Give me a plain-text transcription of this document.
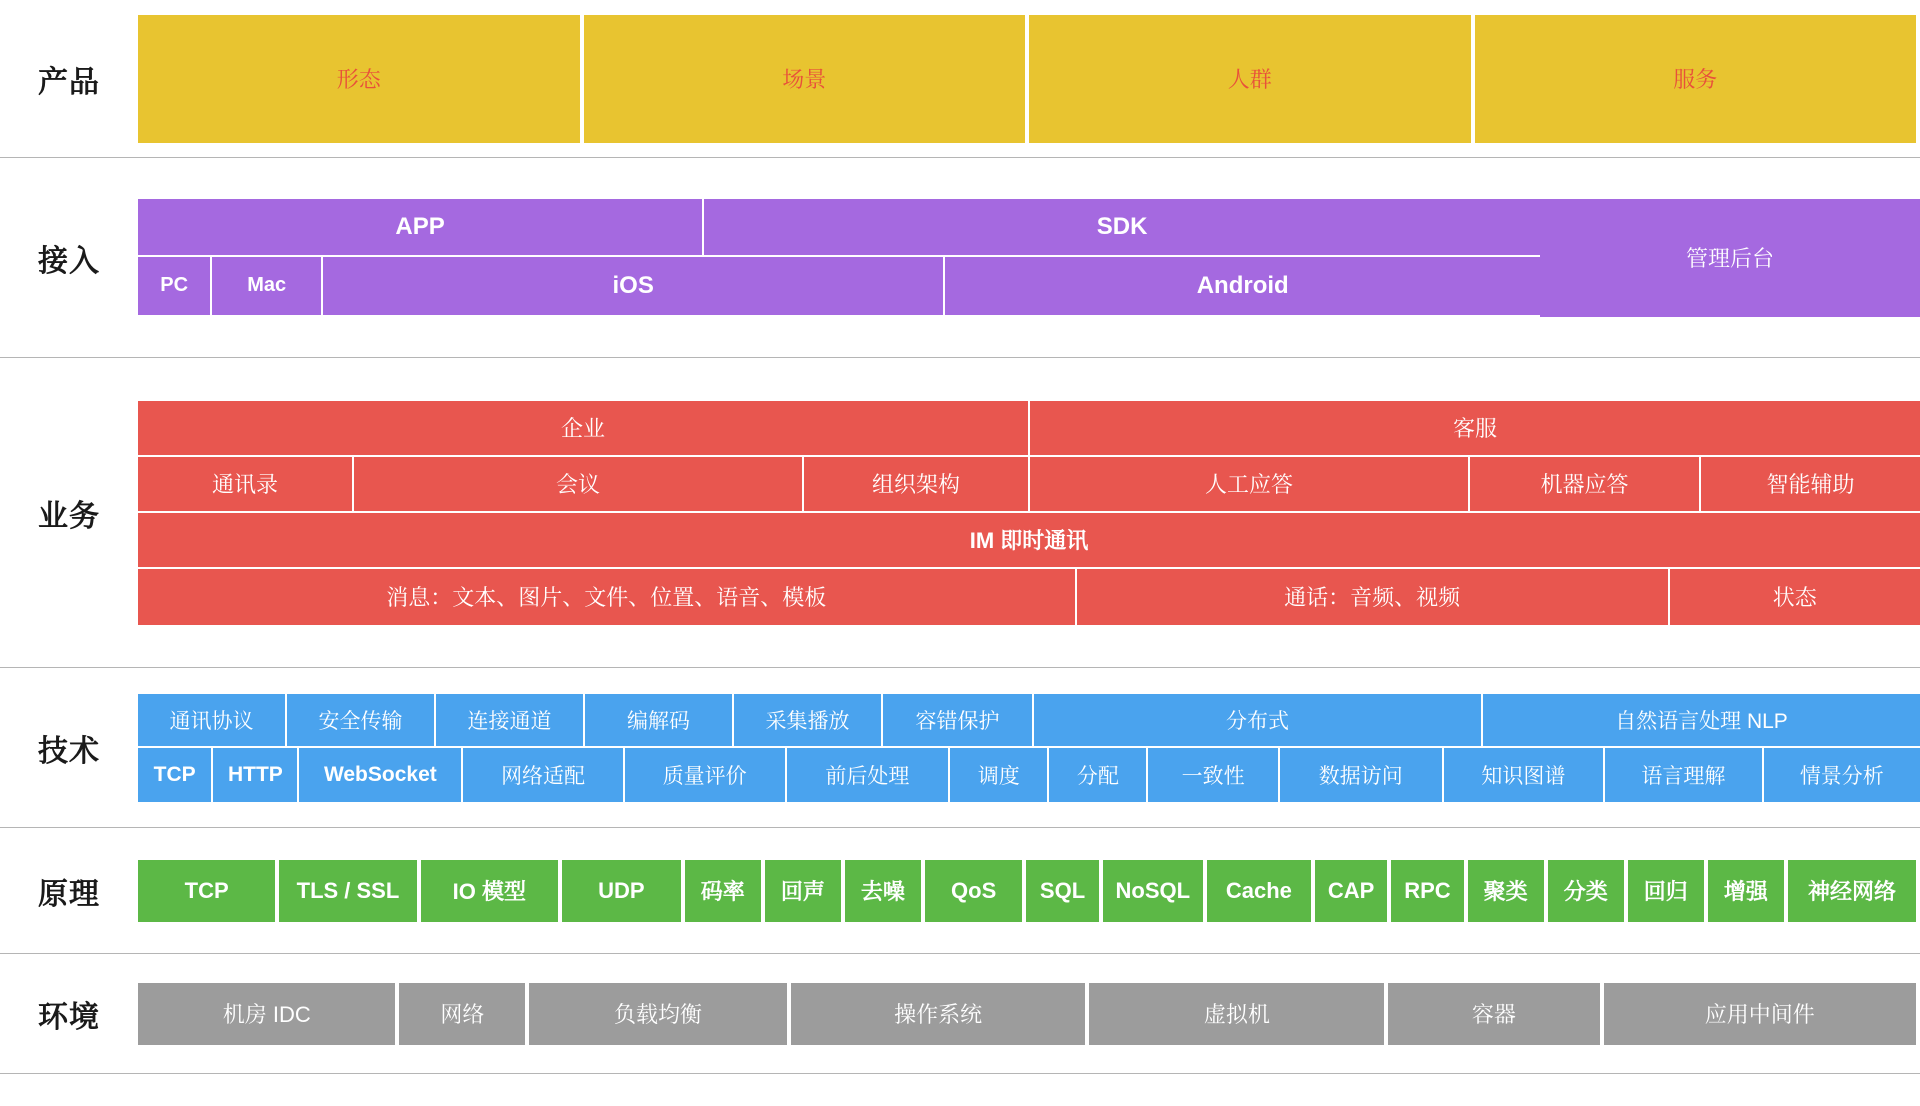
产品	形态	场景	人群	服务
接入
APP	SDK
PC	Mac	iOS	Android
管理后台
业务
企业	客服
通讯录	会议	组织架构	人工应答	机器应答	智能辅助
IM 即时通讯
消息：文本、图片、文件、位置、语音、模板	通话：音频、视频	状态
技术
通讯协议	安全传输	连接通道	编解码	采集播放	容错保护	分布式	自然语言处理 NLP
TCP	HTTP	WebSocket	网络适配	质量评价	前后处理	调度	分配	一致性	数据访问	知识图谱	语言理解	情景分析
原理	TCP	TLS / SSL	IO 模型	UDP	码率	回声	去噪	QoS	SQL	NoSQL	Cache	CAP	RPC	聚类	分类	回归	增强	神经网络
环境	机房 IDC	网络	负载均衡	操作系统	虚拟机	容器	应用中间件
